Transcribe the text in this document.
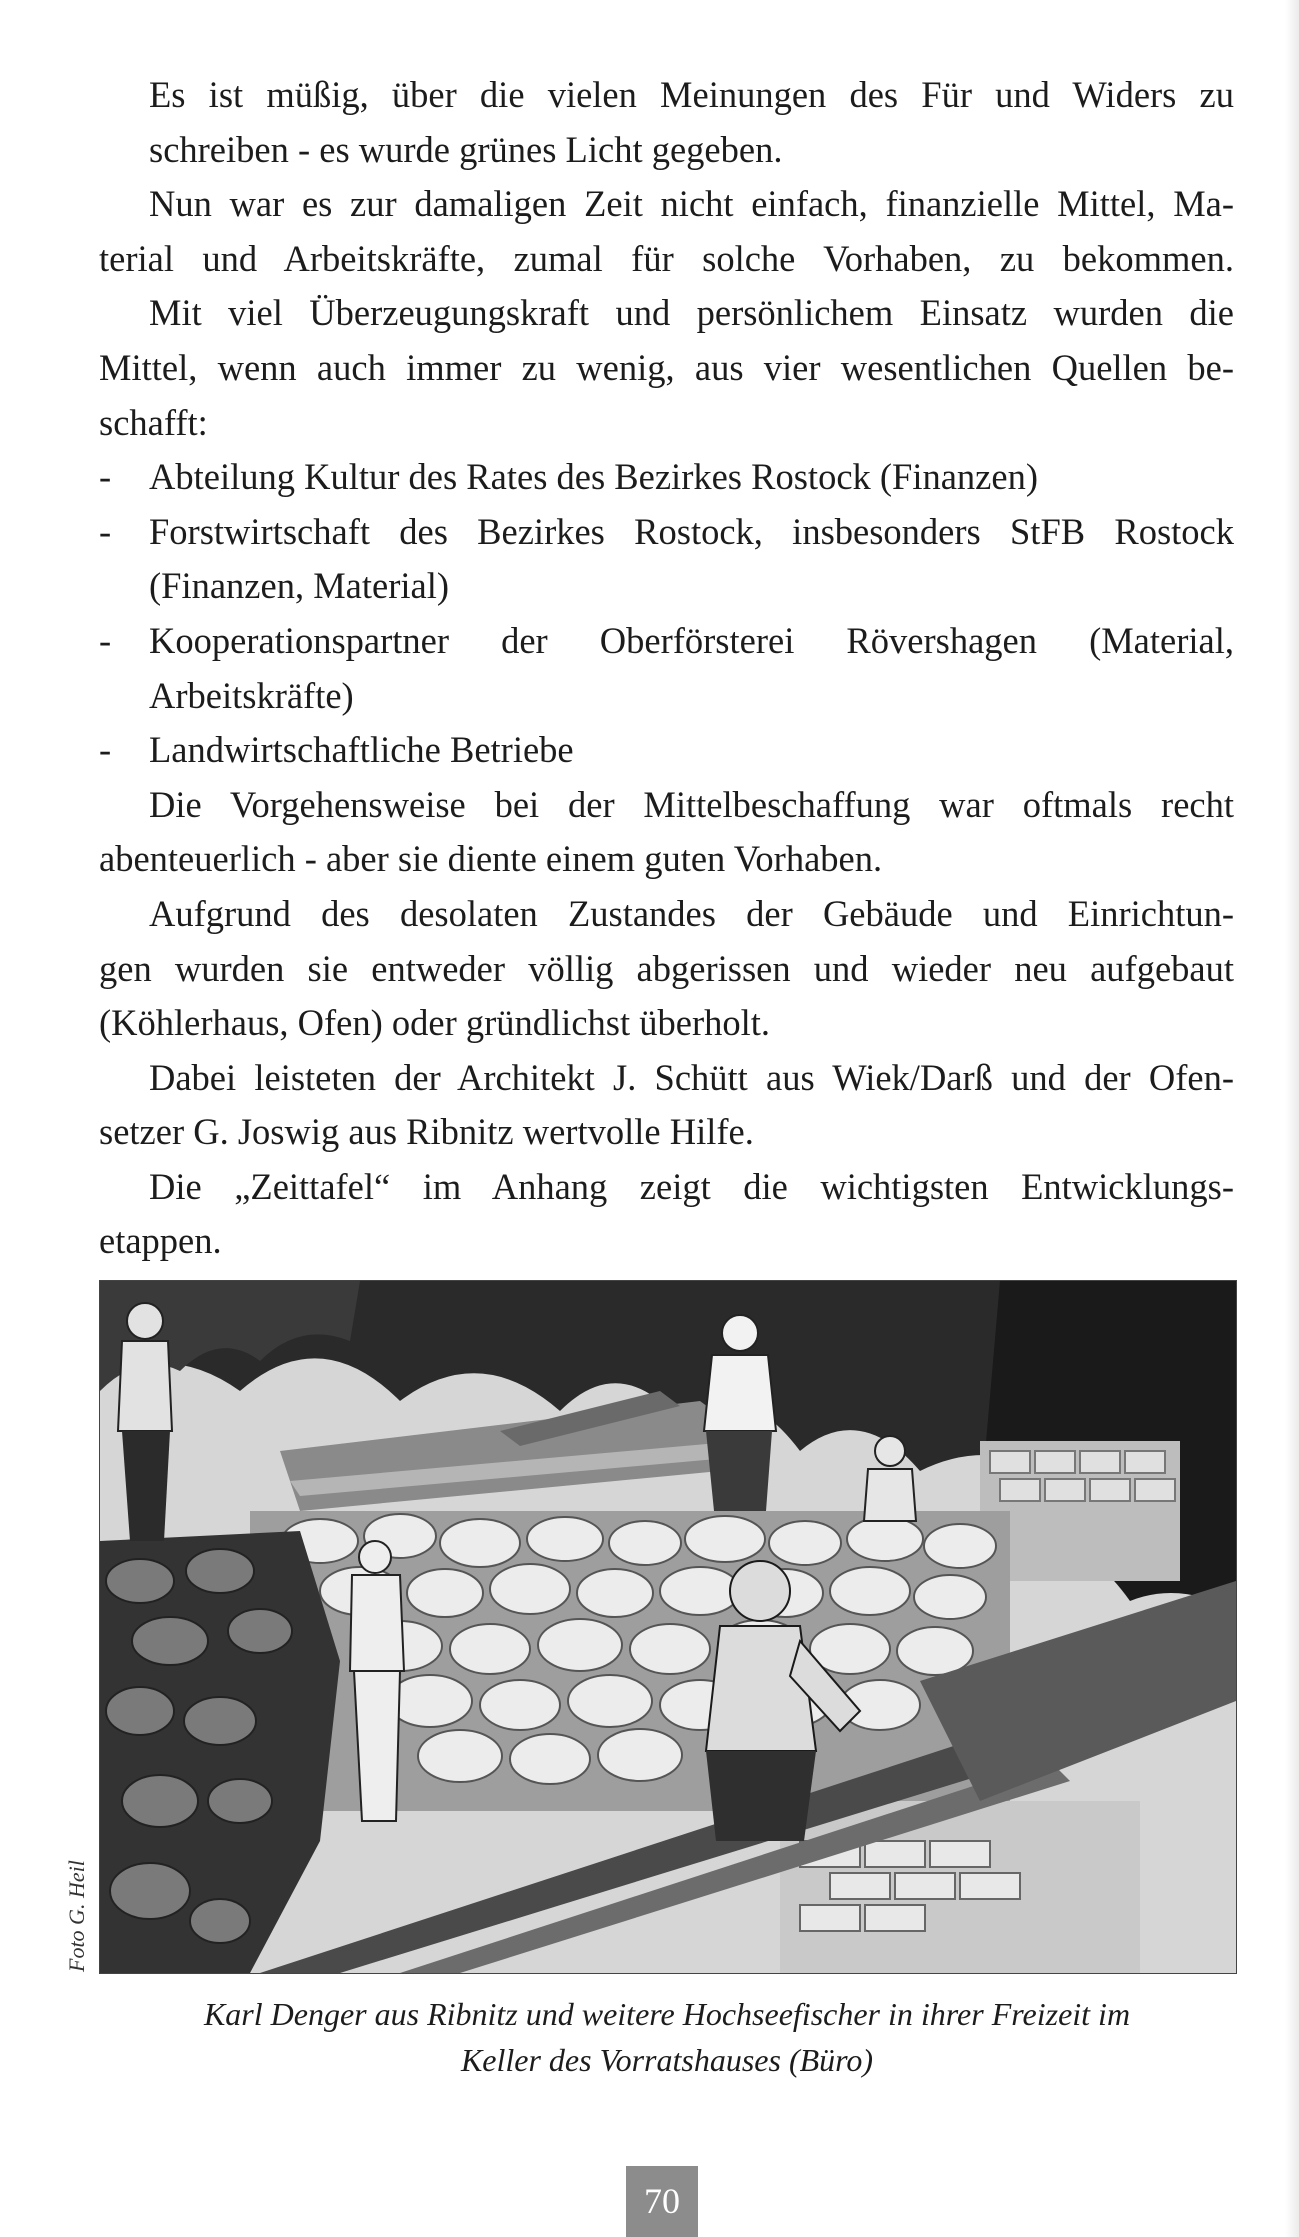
Es ist müßig, über die vielen Meinungen des Für und Widers zu
schreiben - es wurde grünes Licht gegeben.

Nun war es zur damaligen Zeit nicht einfach, finanzielle Mittel, Ma-
terial und Arbeitskräfte, zumal für solche Vorhaben, zu bekommen.

Mit viel Überzeugungskraft und persönlichem Einsatz wurden die
Mittel, wenn auch immer zu wenig, aus vier wesentlichen Quellen be-
schafft:

- Abteilung Kultur des Rates des Bezirkes Rostock (Finanzen)
- Forstwirtschaft des Bezirkes Rostock, insbesonders StFB Rostock
(Finanzen, Material)
- Kooperationspartner der Oberförsterei Rövershagen (Material,
Arbeitskräfte)
- Landwirtschaftliche Betriebe

Die Vorgehensweise bei der Mittelbeschaffung war oftmals recht
abenteuerlich - aber sie diente einem guten Vorhaben.

Aufgrund des desolaten Zustandes der Gebäude und Einrichtun-
gen wurden sie entweder völlig abgerissen und wieder neu aufgebaut
(Köhlerhaus, Ofen) oder gründlichst überholt.

Dabei leisteten der Architekt J. Schütt aus Wiek/Darß und der Ofen-
setzer G. Joswig aus Ribnitz wertvolle Hilfe.

Die „Zeittafel“ im Anhang zeigt die wichtigsten Entwicklungs-
etappen.

Foto G. Heil
Karl Denger aus Ribnitz und weitere Hochseefischer in ihrer Freizeit im
Keller des Vorratshauses (Büro)
70
